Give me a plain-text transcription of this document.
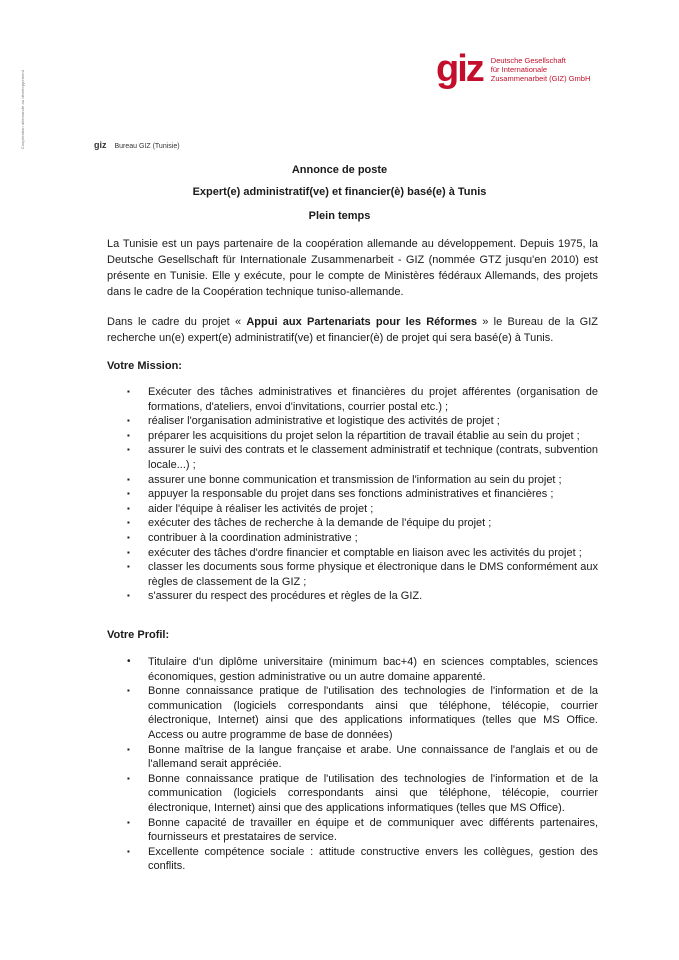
Coopération allemande au développement
giz Deutsche Gesellschaft
für Internationale
Zusammenarbeit (GIZ) GmbH
giz Bureau GIZ (Tunisie)
Annonce de poste
Expert(e) administratif(ve) et financier(è) basé(e) à Tunis
Plein temps
La Tunisie est un pays partenaire de la coopération allemande au développement. Depuis 1975, la Deutsche Gesellschaft für Internationale Zusammenarbeit - GIZ (nommée GTZ jusqu'en 2010) est présente en Tunisie. Elle y exécute, pour le compte de Ministères fédéraux Allemands, des projets dans le cadre de la Coopération technique tuniso-allemande.
Dans le cadre du projet « Appui aux Partenariats pour les Réformes » le Bureau de la GIZ recherche un(e) expert(e) administratif(ve) et financier(è) de projet qui sera basé(e) à Tunis.
Votre Mission:
▪ Exécuter des tâches administratives et financières du projet afférentes (organisation de formations, d'ateliers, envoi d'invitations, courrier postal etc.) ;
▪ réaliser l'organisation administrative et logistique des activités de projet ;
▪ préparer les acquisitions du projet selon la répartition de travail établie au sein du projet ;
▪ assurer le suivi des contrats et le classement administratif et technique (contrats, subvention locale...) ;
▪ assurer une bonne communication et transmission de l'information au sein du projet ;
▪ appuyer la responsable du projet dans ses fonctions administratives et financières ;
▪ aider l'équipe à réaliser les activités de projet ;
▪ exécuter des tâches de recherche à la demande de l'équipe du projet ;
▪ contribuer à la coordination administrative ;
▪ exécuter des tâches d'ordre financier et comptable en liaison avec les activités du projet ;
▪ classer les documents sous forme physique et électronique dans le DMS conformément aux règles de classement de la GIZ ;
▪ s'assurer du respect des procédures et règles de la GIZ.
Votre Profil:
• Titulaire d'un diplôme universitaire (minimum bac+4) en sciences comptables, sciences économiques, gestion administrative ou un autre domaine apparenté.
▪ Bonne connaissance pratique de l'utilisation des technologies de l'information et de la communication (logiciels correspondants ainsi que téléphone, télécopie, courrier électronique, Internet) ainsi que des applications informatiques (telles que MS Office. Access ou autre programme de base de données)
▪ Bonne maîtrise de la langue française et arabe. Une connaissance de l'anglais et ou de l'allemand serait appréciée.
▪ Bonne connaissance pratique de l'utilisation des technologies de l'information et de la communication (logiciels correspondants ainsi que téléphone, télécopie, courrier électronique, Internet) ainsi que des applications informatiques (telles que MS Office).
▪ Bonne capacité de travailler en équipe et de communiquer avec différents partenaires, fournisseurs et prestataires de service.
▪ Excellente compétence sociale : attitude constructive envers les collègues, gestion des conflits.
